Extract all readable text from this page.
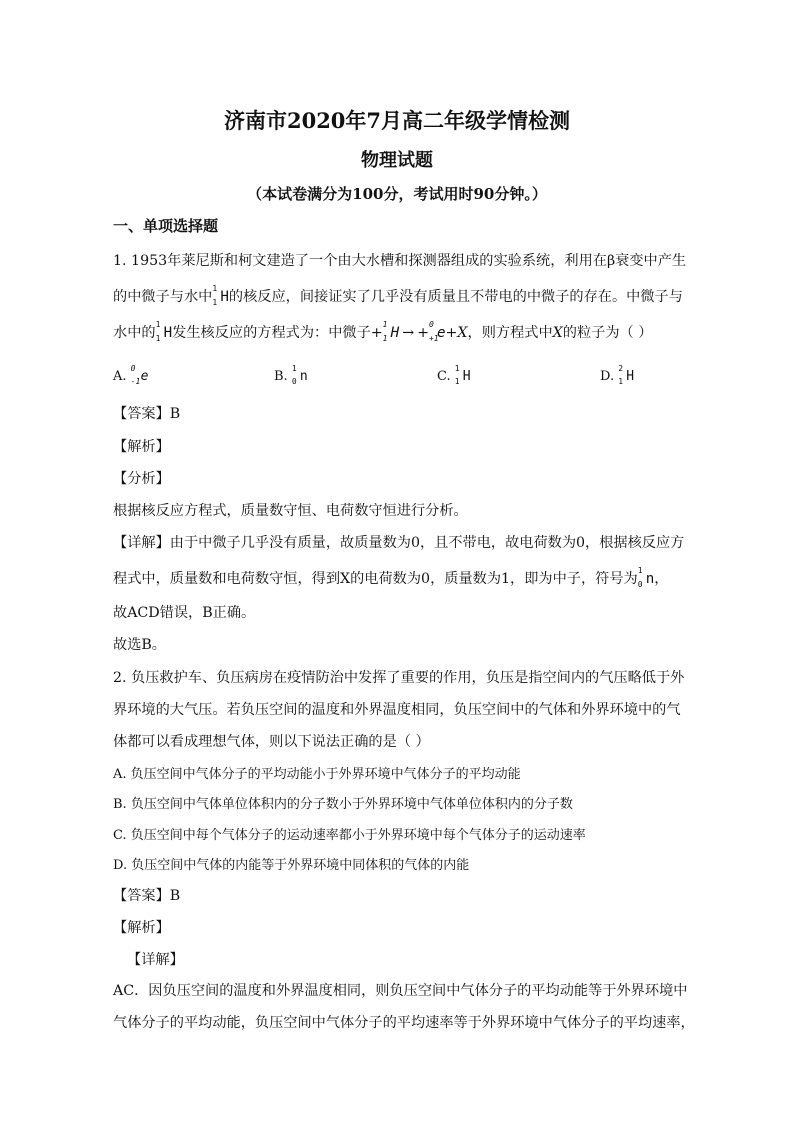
济南市2020年7月高二年级学情检测
物理试题

（本试卷满分为100分，考试用时90分钟。）

一、单项选择题

1. 1953年莱尼斯和柯文建造了一个由大水槽和探测器组成的实验系统，利用在β衰变中产生

的中微子与水中
1
1 H的核反应，间接证实了几乎没有质量且不带电的中微子的存在。中微子与

水中的
1
1 H发生核反应的方程式为：中微子+
1
1 H → +
0
+1
e+X，则方程式中X的粒子为（ ）

A.
0
-1 e	B.
1
0 n	C.
1
1 H	D.
2
1 H

【答案】B

【解析】

【分析】

根据核反应方程式，质量数守恒、电荷数守恒进行分析。

【详解】由于中微子几乎没有质量，故质量数为0，且不带电，故电荷数为0，根据核反应方

程式中，质量数和电荷数守恒，得到X的电荷数为0，质量数为1，即为中子，符号为
1
0 n，

故ACD错误，B正确。

故选B。

2. 负压救护车、负压病房在疫情防治中发挥了重要的作用，负压是指空间内的气压略低于外

界环境的大气压。若负压空间的温度和外界温度相同，负压空间中的气体和外界环境中的气

体都可以看成理想气体，则以下说法正确的是（ ）

A. 负压空间中气体分子的平均动能小于外界环境中气体分子的平均动能

B. 负压空间中气体单位体积内的分子数小于外界环境中气体单位体积内的分子数

C. 负压空间中每个气体分子的运动速率都小于外界环境中每个气体分子的运动速率

D. 负压空间中气体的内能等于外界环境中同体积的气体的内能

【答案】B

【解析】

【详解】

AC．因负压空间的温度和外界温度相同，则负压空间中气体分子的平均动能等于外界环境中

气体分子的平均动能，负压空间中气体分子的平均速率等于外界环境中气体分子的平均速率，
